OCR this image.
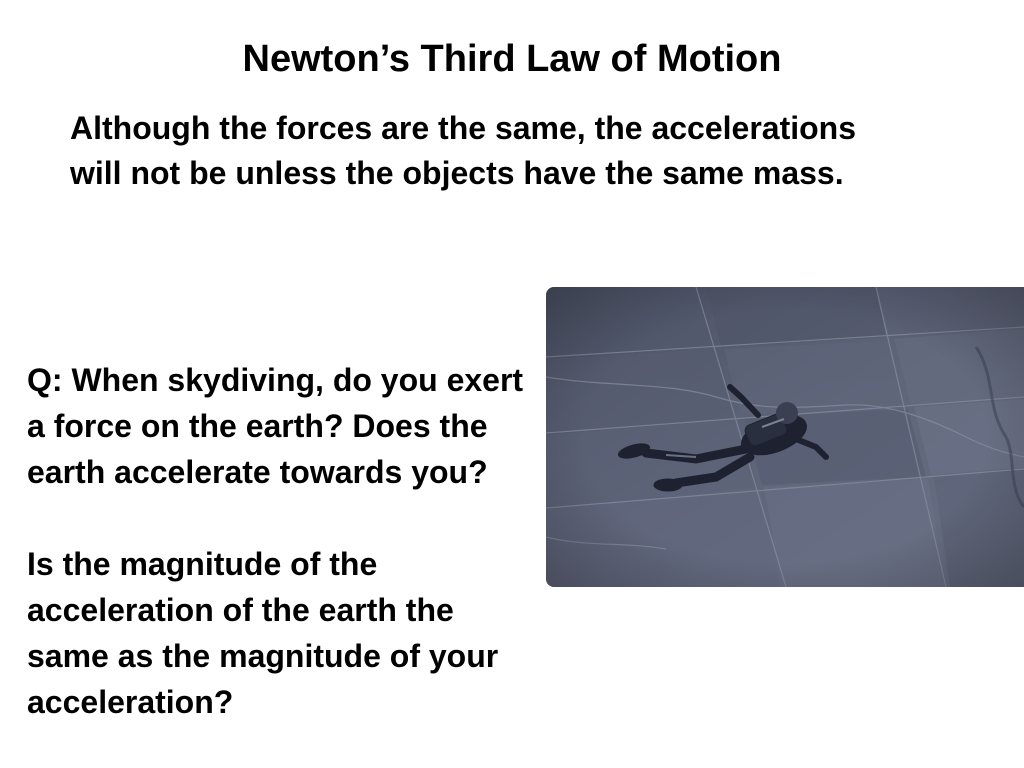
Newton’s Third Law of Motion

Although the forces are the same, the accelerations will not be unless the objects have the same mass.

Q: When skydiving, do you exert a force on the earth? Does the earth accelerate towards you?

Is the magnitude of the acceleration of the earth the same as the magnitude of your acceleration?
